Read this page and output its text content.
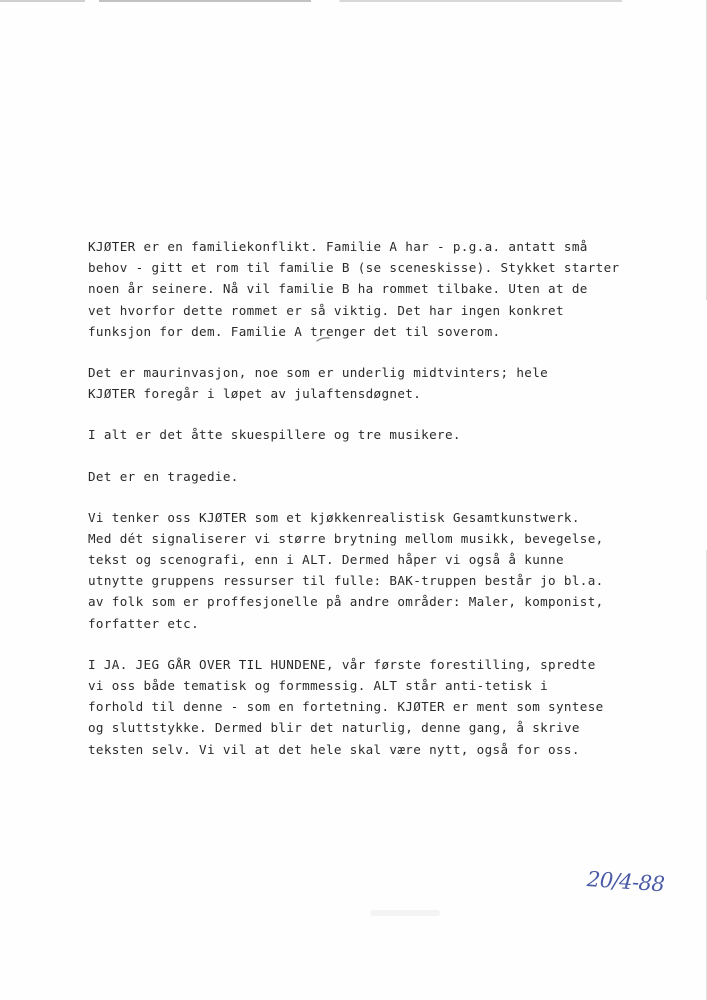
KJØTER er en familiekonflikt. Familie A har - p.g.a. antatt små
behov - gitt et rom til familie B (se sceneskisse). Stykket starter
noen år seinere. Nå vil familie B ha rommet tilbake. Uten at de
vet hvorfor dette rommet er så viktig. Det har ingen konkret
funksjon for dem. Familie A trenger det til soverom.
Det er maurinvasjon, noe som er underlig midtvinters; hele
KJØTER foregår i løpet av julaftensdøgnet.
I alt er det åtte skuespillere og tre musikere.
Det er en tragedie.
Vi tenker oss KJØTER som et kjøkkenrealistisk Gesamtkunstwerk.
Med dét signaliserer vi større brytning mellom musikk, bevegelse,
tekst og scenografi, enn i ALT. Dermed håper vi også å kunne
utnytte gruppens ressurser til fulle: BAK-truppen består jo bl.a.
av folk som er proffesjonelle på andre områder: Maler, komponist,
forfatter etc.
I JA. JEG GÅR OVER TIL HUNDENE, vår første forestilling, spredte
vi oss både tematisk og formmessig. ALT står anti-tetisk i
forhold til denne - som en fortetning. KJØTER er ment som syntese
og sluttstykke. Dermed blir det naturlig, denne gang, å skrive
teksten selv. Vi vil at det hele skal være nytt, også for oss.
20/4-88
